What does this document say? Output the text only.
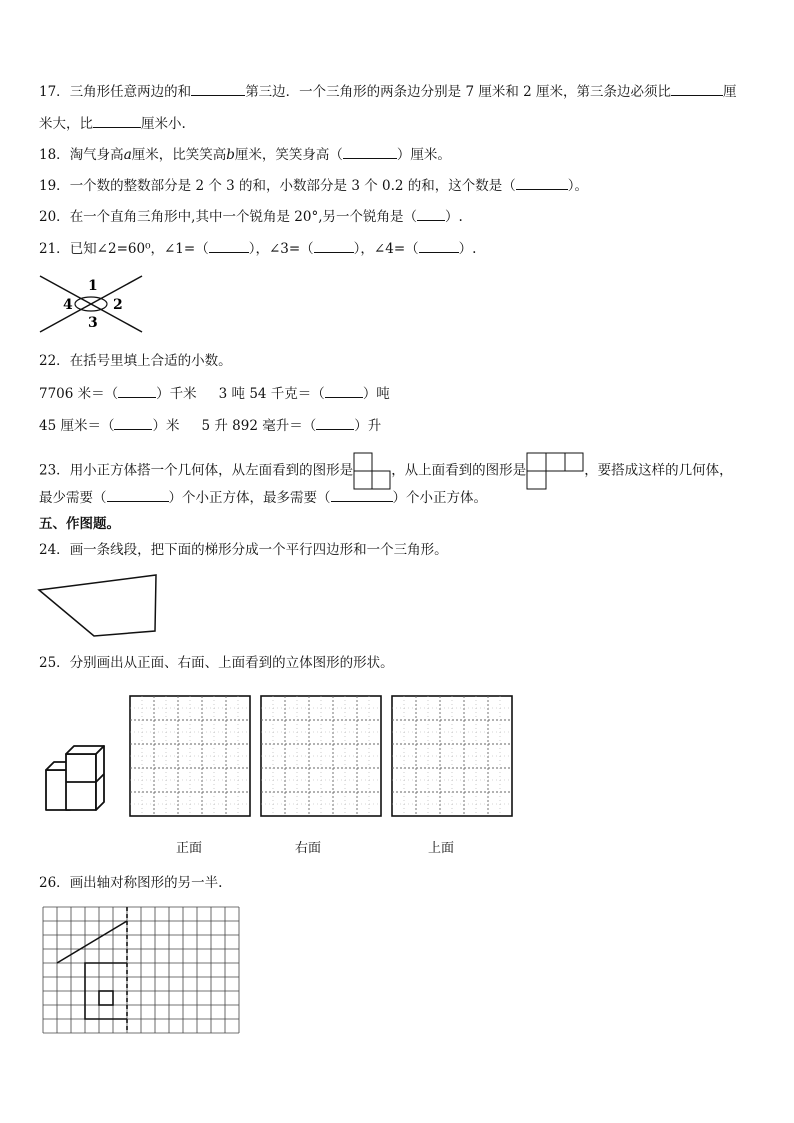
17．三角形任意两边的和	第三边．一个三角形的两条边分别是 7 厘米和 2 厘米，第三条边必须比	厘
米大，比	厘米小.
18．淘气身高a厘米，比笑笑高b厘米，笑笑身高（	）厘米。
19．一个数的整数部分是 2 个 3 的和，小数部分是 3 个 0.2 的和，这个数是（	）。
20．在一个直角三角形中,其中一个锐角是 20°,另一个锐角是（ ）.
21．已知∠2=60⁰，∠1=（	），∠3=（	），∠4=（	）.
1
2
3
4
22．在括号里填上合适的小数。
7706 米＝（	）千米 3 吨 54 千克＝（	）吨
45 厘米＝（	）米 5 升 892 毫升＝（	）升
23．用小正方体搭一个几何体，从左面看到的图形是	，从上面看到的图形是	，要搭成这样的几何体，
最少需要（	）个小正方体，最多需要（	）个小正方体。
五、作图题。
24．画一条线段，把下面的梯形分成一个平行四边形和一个三角形。
25．分别画出从正面、右面、上面看到的立体图形的形状。
正面	右面	上面
26．画出轴对称图形的另一半.
